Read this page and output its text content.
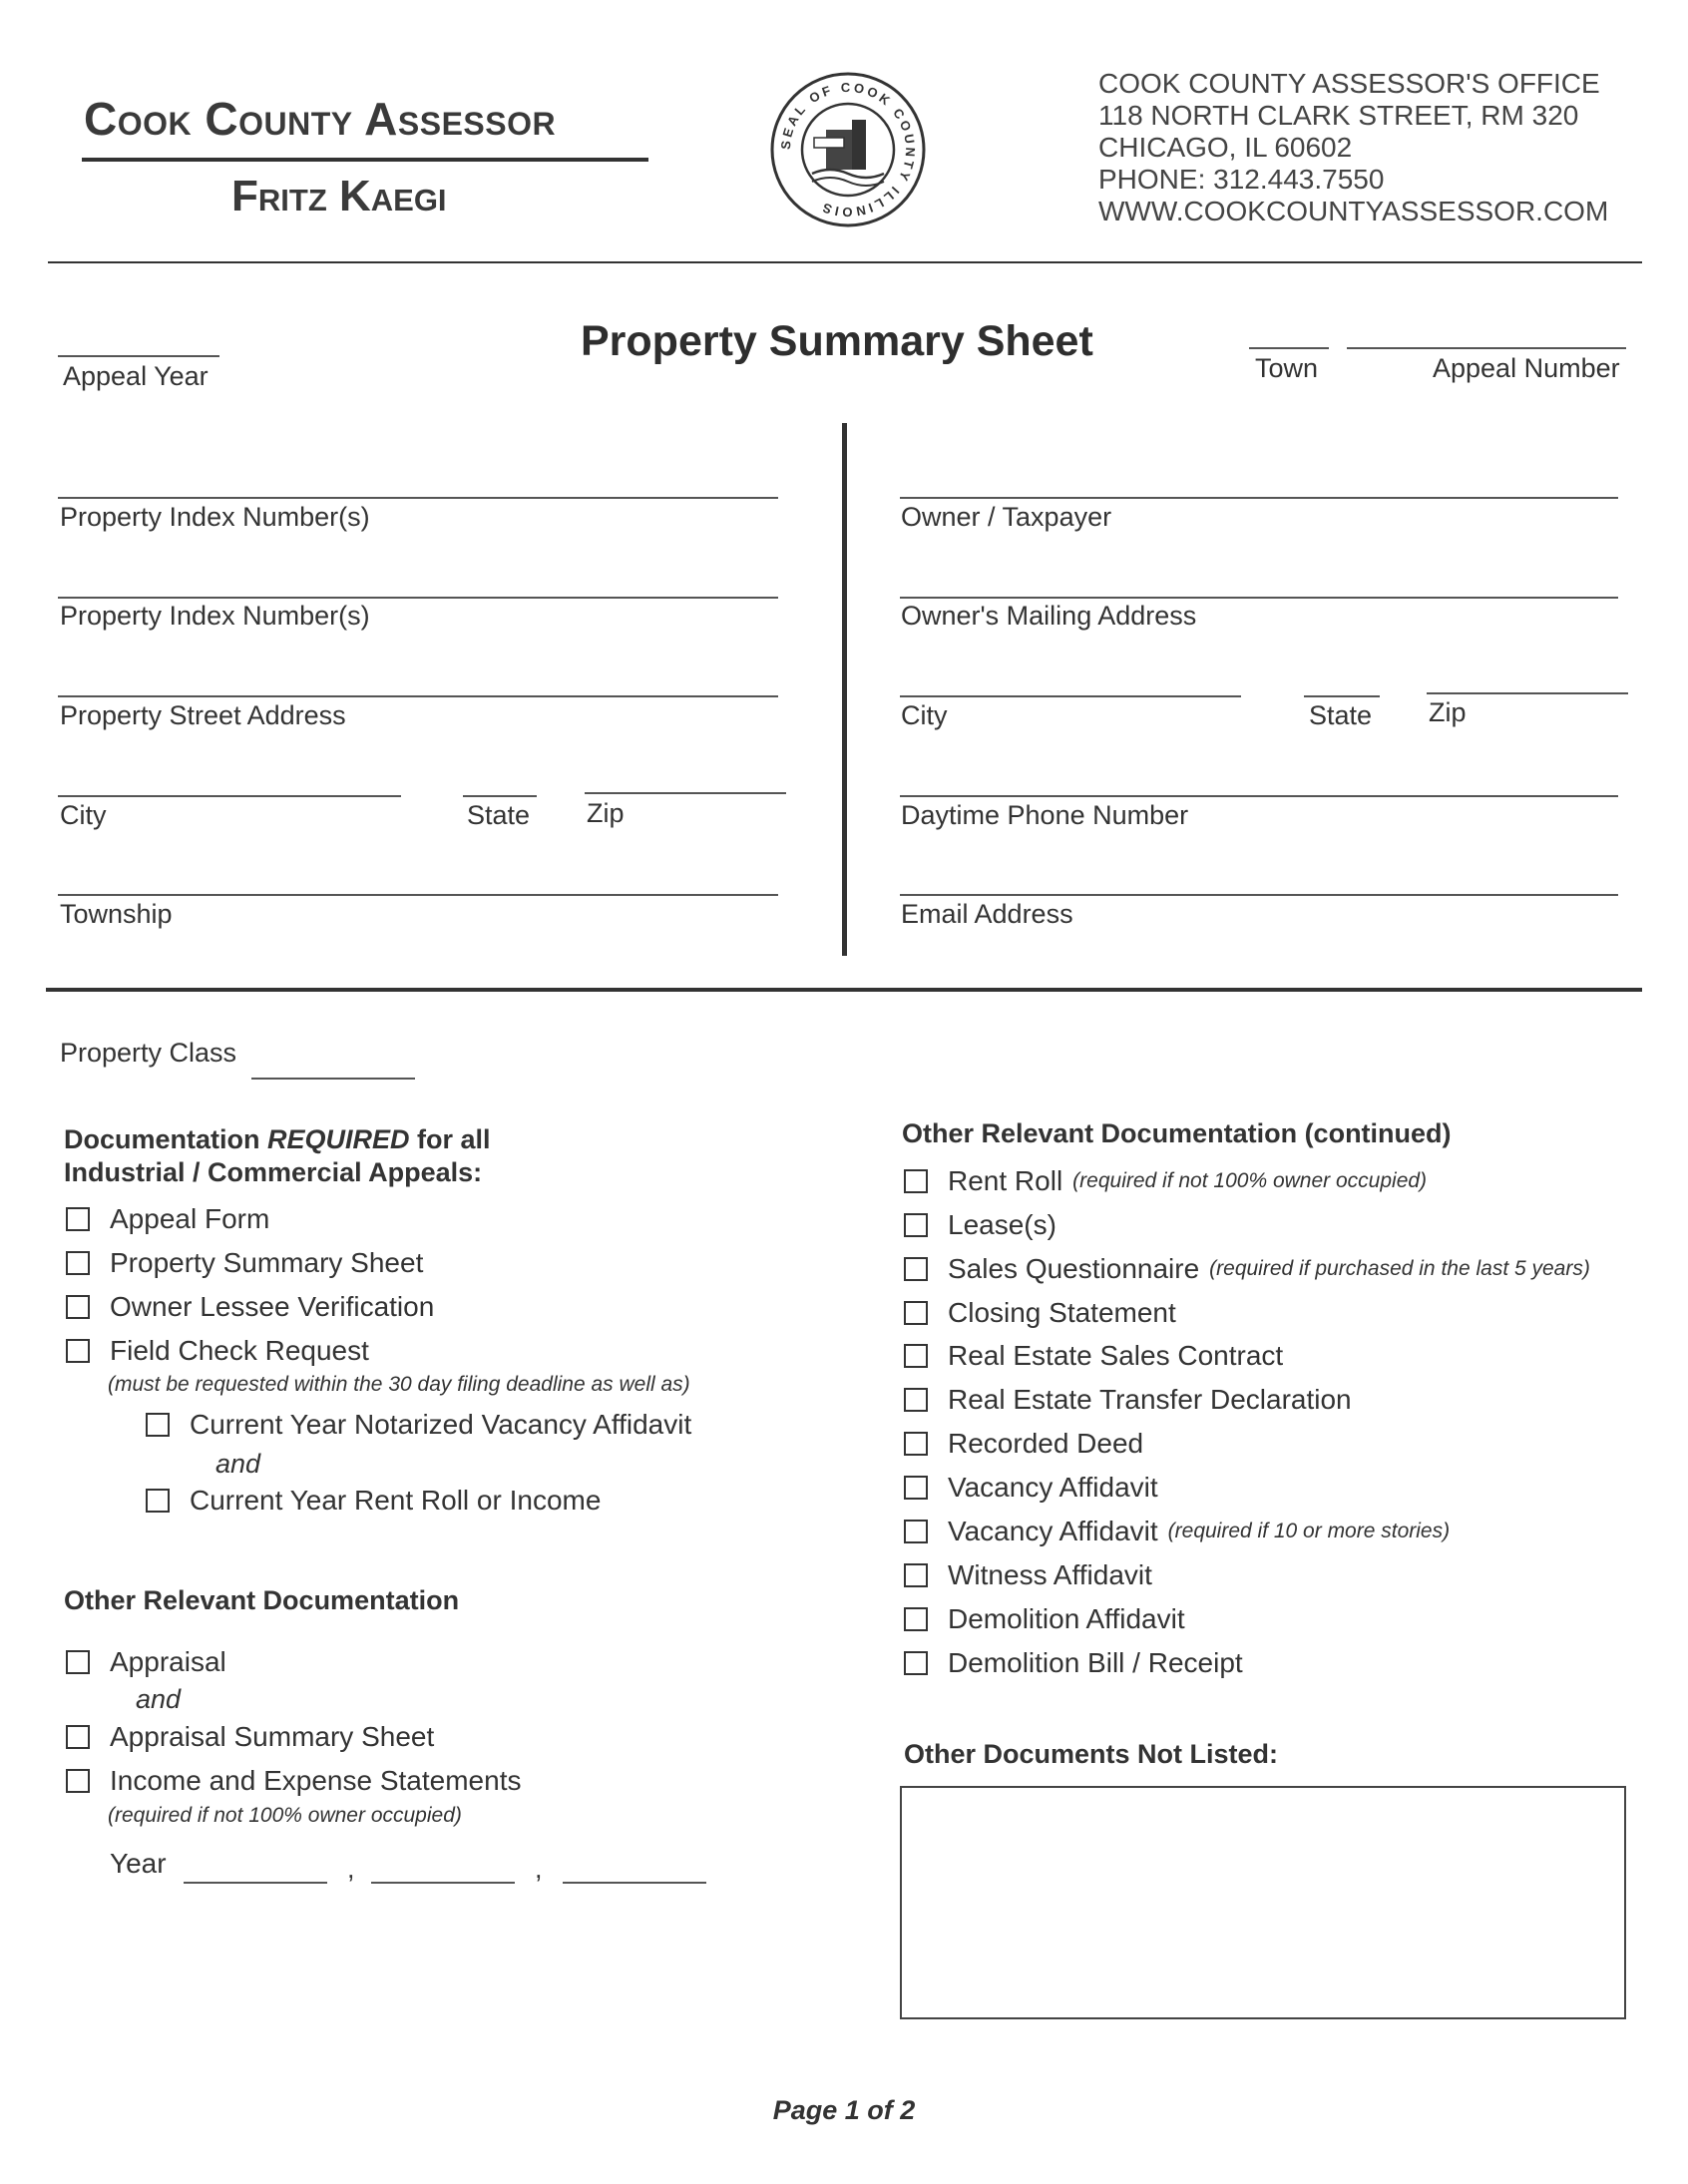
Cook County Assessor
Fritz Kaegi
SEAL OF COOK COUNTY ILLINOIS
COOK COUNTY ASSESSOR'S OFFICE
118 NORTH CLARK STREET, RM 320
CHICAGO, IL 60602
PHONE: 312.443.7550
WWW.COOKCOUNTYASSESSOR.COM
Property Summary Sheet
Appeal Year	Town	Appeal Number
Property Index Number(s)
Property Index Number(s)
Property Street Address
City	State Zip
Township
Owner / Taxpayer
Owner's Mailing Address
City	State Zip
Daytime Phone Number
Email Address
Property Class
Documentation REQUIRED for all
Industrial / Commercial Appeals:
Appeal Form
Property Summary Sheet
Owner Lessee Verification
Field Check Request
(must be requested within the 30 day filing deadline as well as)
Current Year Notarized Vacancy Affidavit
and
Current Year Rent Roll or Income
Other Relevant Documentation
Appraisal
and
Appraisal Summary Sheet
Income and Expense Statements
(required if not 100% owner occupied)
Year	,	,
Other Relevant Documentation (continued)
Rent Roll (required if not 100% owner occupied)
Lease(s)
Sales Questionnaire (required if purchased in the last 5 years)
Closing Statement
Real Estate Sales Contract
Real Estate Transfer Declaration
Recorded Deed
Vacancy Affidavit
Vacancy Affidavit (required if 10 or more stories)
Witness Affidavit
Demolition Affidavit
Demolition Bill / Receipt
Other Documents Not Listed:
Page 1 of 2
